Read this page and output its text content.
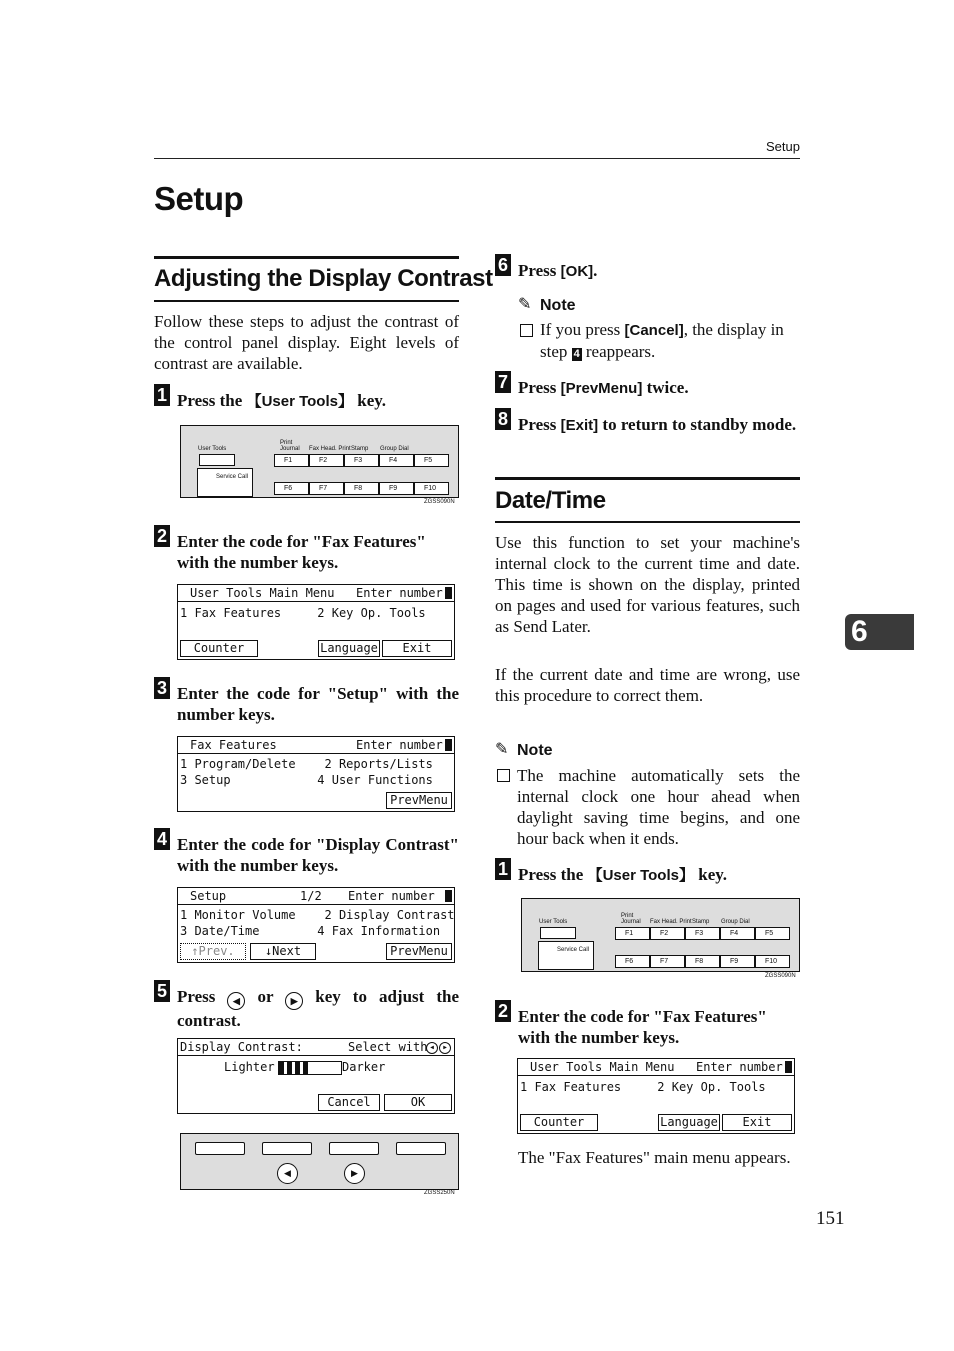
Setup
Setup
Adjusting the Display Contrast
Follow these steps to adjust the contrast of the control panel display. Eight levels of contrast are available.
1 Press the 【User Tools】 key.
User Tools
Service Call
Print Journal	Fax Head. Print Stamp Group Dial
F1	F2	F3	F4	F5
F6	F7	F8	F9	F10
ZGSS090N
2 Enter the code for "Fax Features" with the number keys.
User Tools Main Menu Enter number
1 Fax Features     2 Key Op. Tools
Counter	Language	Exit
3 Enter the code for "Setup" with the number keys.
Fax Features	Enter number
1 Program/Delete    2 Reports/Lists
3 Setup            4 User Functions
PrevMenu
4 Enter the code for "Display Contrast" with the number keys.
Setup	1/2 Enter number
1 Monitor Volume    2 Display Contrast
3 Date/Time        4 Fax Information
↑Prev.	↓Next	PrevMenu
5 Press ◀ or ▶ key to adjust the contrast.
Display Contrast:	Select with ◀	▶
Lighter	Darker
Cancel	OK
◀	▶
ZGSS250N
6 Press [OK].
✎ Note
If you press [Cancel], the display in step 4 reappears.
7 Press [PrevMenu] twice.
8 Press [Exit] to return to standby mode.
Date/Time
Use this function to set your machine's internal clock to the current time and date. This time is shown on the display, printed on pages and used for various features, such as Send Later.
If the current date and time are wrong, use this procedure to correct them.
✎ Note
The machine automatically sets the internal clock one hour ahead when daylight saving time begins, and one hour back when it ends.
1 Press the 【User Tools】 key.
User Tools
Service Call
Print Journal	Fax Head. Print Stamp Group Dial
F1	F2	F3	F4	F5
F6	F7	F8	F9	F10
ZGSS090N
2 Enter the code for "Fax Features" with the number keys.
User Tools Main Menu Enter number
1 Fax Features     2 Key Op. Tools
Counter	Language	Exit
The "Fax Features" main menu appears.
6
151
